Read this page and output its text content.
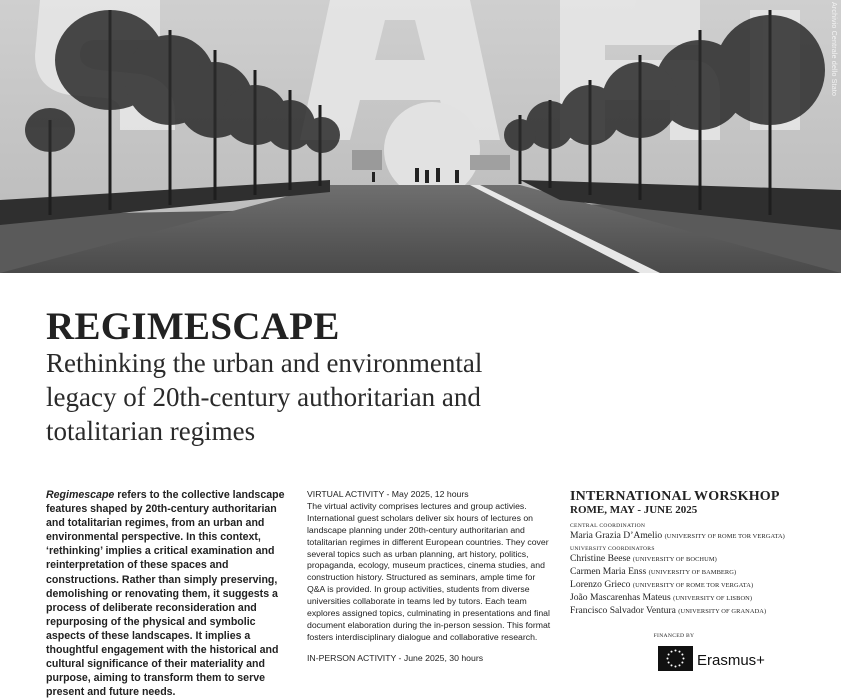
Archivio Centrale dello Stato
REGIMESCAPE
Rethinking the urban and environmental
legacy of 20th-century authoritarian and
totalitarian regimes

Regimescape refers to the collective landscape features shaped by 20th-century authoritarian and totalitarian regimes, from an urban and environmental perspective. In this context, ‘rethinking’ implies a critical examination and reinterpretation of these spaces and constructions. Rather than simply preserving, demolishing or renovating them, it suggests a process of deliberate reconsideration and repurposing of the physical and symbolic aspects of these landscapes. It implies a thoughtful engagement with the historical and cultural significance of their materiality and purpose, aiming to transform them to serve present and future needs.

VIRTUAL ACTIVITY - May 2025, 12 hours
The virtual activity comprises lectures and group activies. International guest scholars deliver six hours of lectures on landscape planning under 20th-century authoritarian and totalitarian regimes in different European countries. They cover several topics such as urban planning, art history, politics, propaganda, ecology, museum practices, cinema studies, and construction history. Structured as seminars, ample time for Q&A is provided. In group activities, students from diverse universities collaborate in teams led by tutors. Each team explores assigned topics, culminating in presentations and final document elaboration during the in-person session. This format fosters interdisciplinary dialogue and collaborative research.
IN-PERSON ACTIVITY - June 2025, 30 hours
INTERNATIONAL WORSKHOP
ROME, MAY - JUNE 2025
CENTRAL COORDINATION
Maria Grazia D’Amelio (UNIVERSITY OF ROME TOR VERGATA)
UNIVERSITY COORDINATORS
Christine Beese (UNIVERSITY OF BOCHUM)
Carmen Maria Enss (UNIVERSITY OF BAMBERG)
Lorenzo Grieco (UNIVERSITY OF ROME TOR VERGATA)
João Mascarenhas Mateus (UNIVERSITY OF LISBON)
Francisco Salvador Ventura (UNIVERSITY OF GRANADA)
FINANCED BY
Erasmus+
